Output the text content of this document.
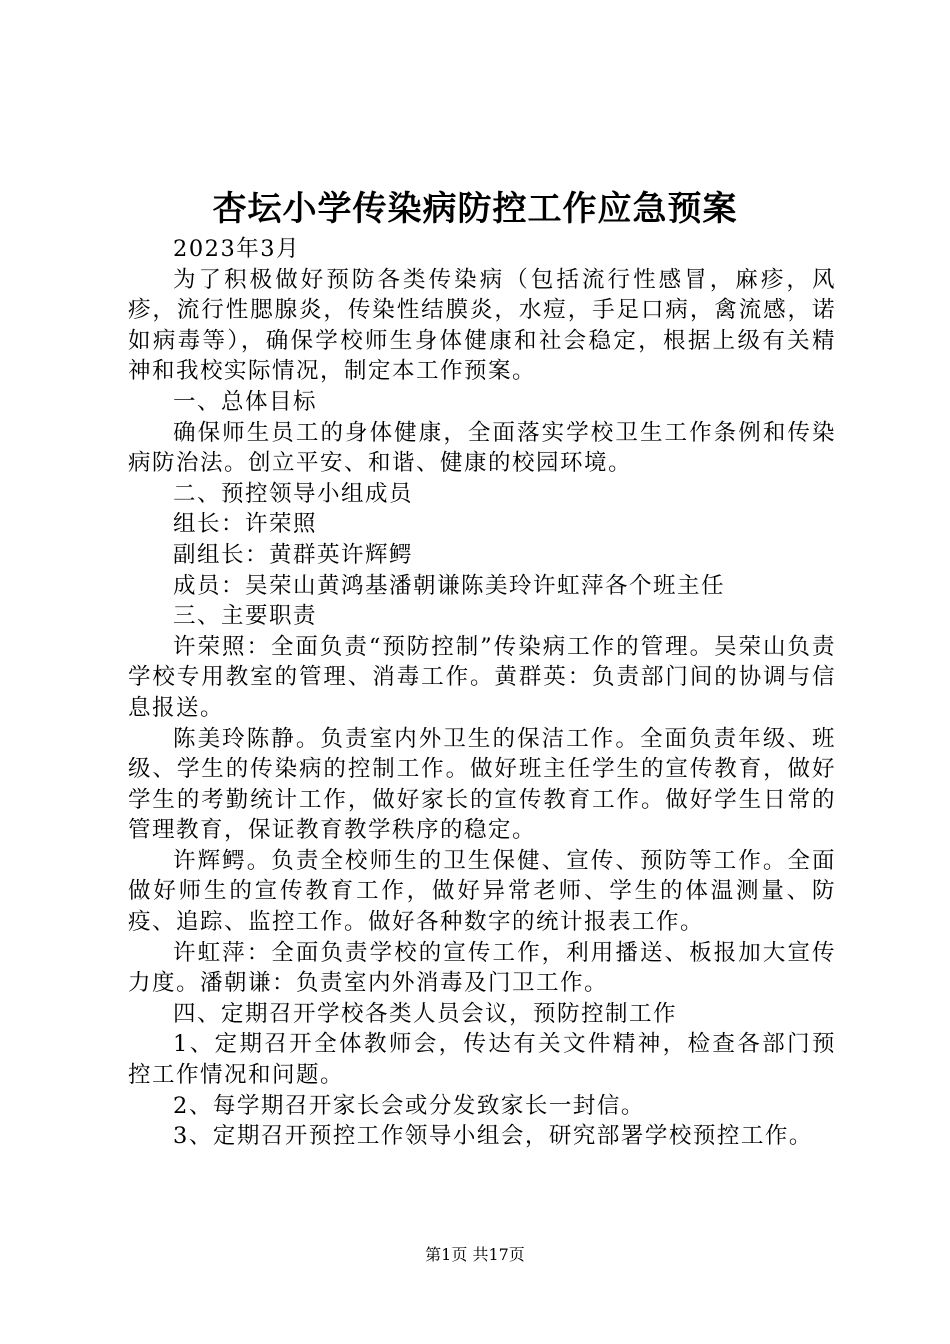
杏坛小学传染病防控工作应急预案

2023年3月

为了积极做好预防各类传染病（包括流行性感冒，麻疹，风疹，流行性腮腺炎，传染性结膜炎，水痘，手足口病，禽流感，诺如病毒等），确保学校师生身体健康和社会稳定，根据上级有关精神和我校实际情况，制定本工作预案。

一、总体目标

确保师生员工的身体健康，全面落实学校卫生工作条例和传染病防治法。创立平安、和谐、健康的校园环境。

二、预控领导小组成员

组长：许荣照

副组长：黄群英许辉鳄

成员：吴荣山黄鸿基潘朝谦陈美玲许虹萍各个班主任

三、主要职责

许荣照：全面负责“预防控制”传染病工作的管理。吴荣山负责学校专用教室的管理、消毒工作。黄群英：负责部门间的协调与信息报送。

陈美玲陈静。负责室内外卫生的保洁工作。全面负责年级、班级、学生的传染病的控制工作。做好班主任学生的宣传教育，做好学生的考勤统计工作，做好家长的宣传教育工作。做好学生日常的管理教育，保证教育教学秩序的稳定。

许辉鳄。负责全校师生的卫生保健、宣传、预防等工作。全面做好师生的宣传教育工作，做好异常老师、学生的体温测量、防疫、追踪、监控工作。做好各种数字的统计报表工作。

许虹萍：全面负责学校的宣传工作，利用播送、板报加大宣传力度。潘朝谦：负责室内外消毒及门卫工作。

四、定期召开学校各类人员会议，预防控制工作

1、定期召开全体教师会，传达有关文件精神，检查各部门预控工作情况和问题。

2、每学期召开家长会或分发致家长一封信。

3、定期召开预控工作领导小组会，研究部署学校预控工作。

第1页 共17页
